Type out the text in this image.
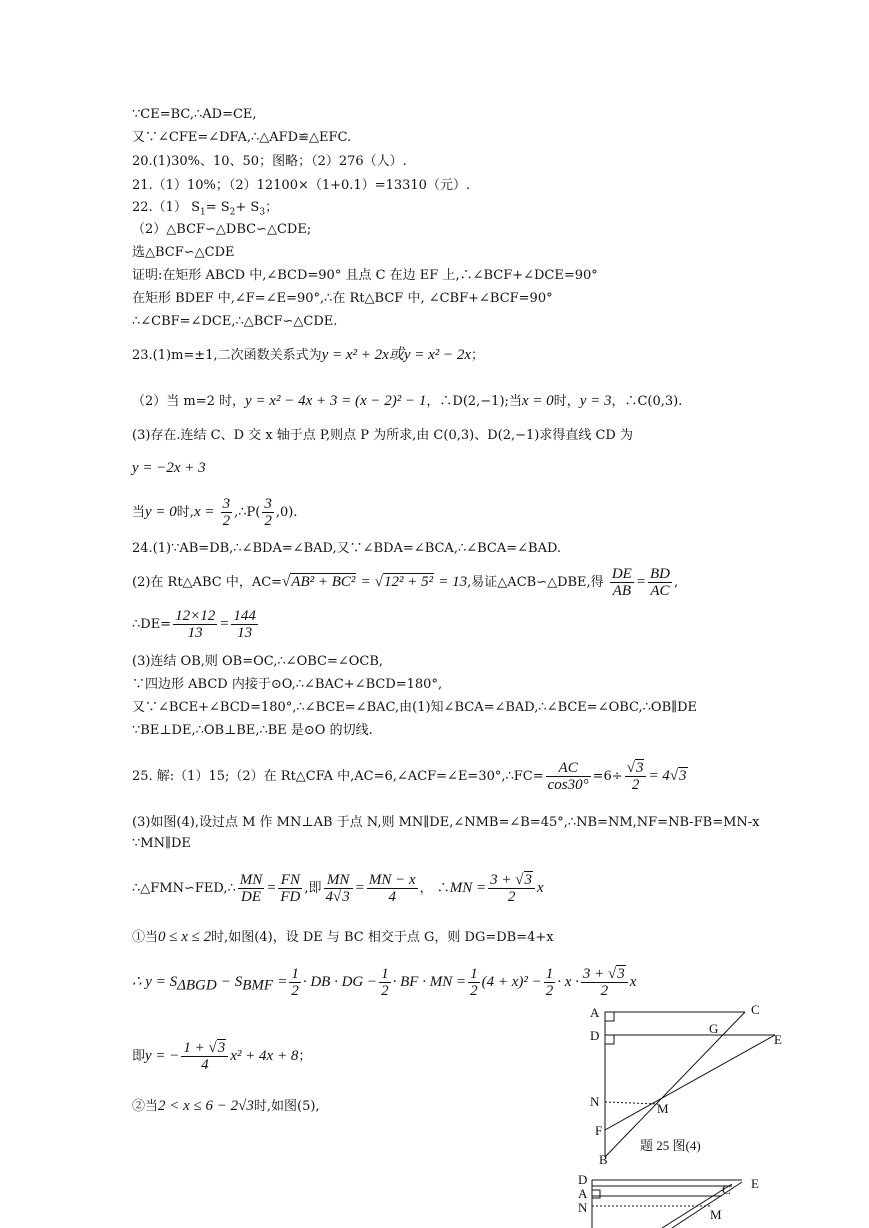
∵CE=BC,∴AD=CE,
又∵∠CFE=∠DFA,∴△AFD≌△EFC.
20.(1)30%、10、50；图略；（2）276（人）.
21.（1）10%；（2）12100×（1+0.1）=13310（元）.
22.（1） $S_1= S_2+ S_3$；
（2）△BCF∽△DBC∽△CDE;
选△BCF∽△CDE
证明:在矩形 ABCD 中,∠BCD=90° 且点 C 在边 EF 上,∴∠BCF+∠DCE=90°
在矩形 BDEF 中,∠F=∠E=90°,∴在 Rt△BCF 中, ∠CBF+∠BCF=90°
∴∠CBF=∠DCE,∴△BCF∽△CDE.
23.(1)m=±1,二次函数关系式为y = x² + 2x或y = x² − 2x；
（2）当 m=2 时，y = x² − 4x + 3 = (x − 2)² − 1，∴D(2,−1);当x = 0时，y = 3，∴C(0,3).
(3)存在.连结 C、D 交 x 轴于点 P,则点 P 为所求,由 C(0,3)、D(2,−1)求得直线 CD 为
y = −2x + 3
当y = 0时$,x = \frac{3}{2}$ ,∴P( $\frac{3}{2} ,0$).
24.(1)∵AB=DB,∴∠BDA=∠BAD,又∵∠BDA=∠BCA,∴∠BCA=∠BAD.
(2)在 Rt△ABC 中，AC=√AB² + BC² = √12² + 5² = 13,易证△ACB∽△DBE,得 $\frac{DE}{AB} = \frac{BD}{AC}$ ,
∴DE= $\frac{12\times 12}{13} = \frac{144}{13}$
(3)连结 OB,则 OB=OC,∴∠OBC=∠OCB,
∵四边形 ABCD 内接于⊙O,∴∠BAC+∠BCD=180°,
又∵∠BCE+∠BCD=180°,∴∠BCE=∠BAC,由(1)知∠BCA=∠BAD,∴∠BCE=∠OBC,∴OB∥DE
∵BE⊥DE,∴OB⊥BE,∴BE 是⊙O 的切线.
25. 解:（1）15;（2）在 Rt△CFA 中,AC=6,∠ACF=∠E=30°,∴FC= $\frac{AC}{\cos 30^\circ} =6\div \frac{√3}{2} = 4√3$
(3)如图(4),设过点 M 作 MN⊥AB 于点 N,则 MN∥DE,∠NMB=∠B=45°,∴NB=NM,NF=NB-FB=MN-x
∵MN∥DE
∴△FMN∽FED,∴ $\frac{MN}{DE} = \frac{FN}{FD}$ ,即 $\frac{MN}{4√3} = \frac{MN - x}{4}$ ， ∴MN = $\frac{3 + √3}{2}$ x
①当0 ≤ x ≤ 2时,如图(4)，设 DE 与 BC 相交于点 G，则 DG=DB=4+x
∴ $y = S_{\Delta BGD} - S_{BMF} = \frac{1}{2}$ · DB · DG − $\frac{1}{2}$ · BF · MN = $\frac{1}{2} (4 + x)^2 - \frac{1}{2} \cdot x \cdot \frac{3 + √3}{2}$ x
即y = − $\frac{1 + √3}{4} x^2 + 4x + 8$；
②当2 < x ≤ 6 − 2√3时,如图(5),
A	C
G
D	E
N	M
F
B
题 25 图(4)
D
A
N
C E
M
